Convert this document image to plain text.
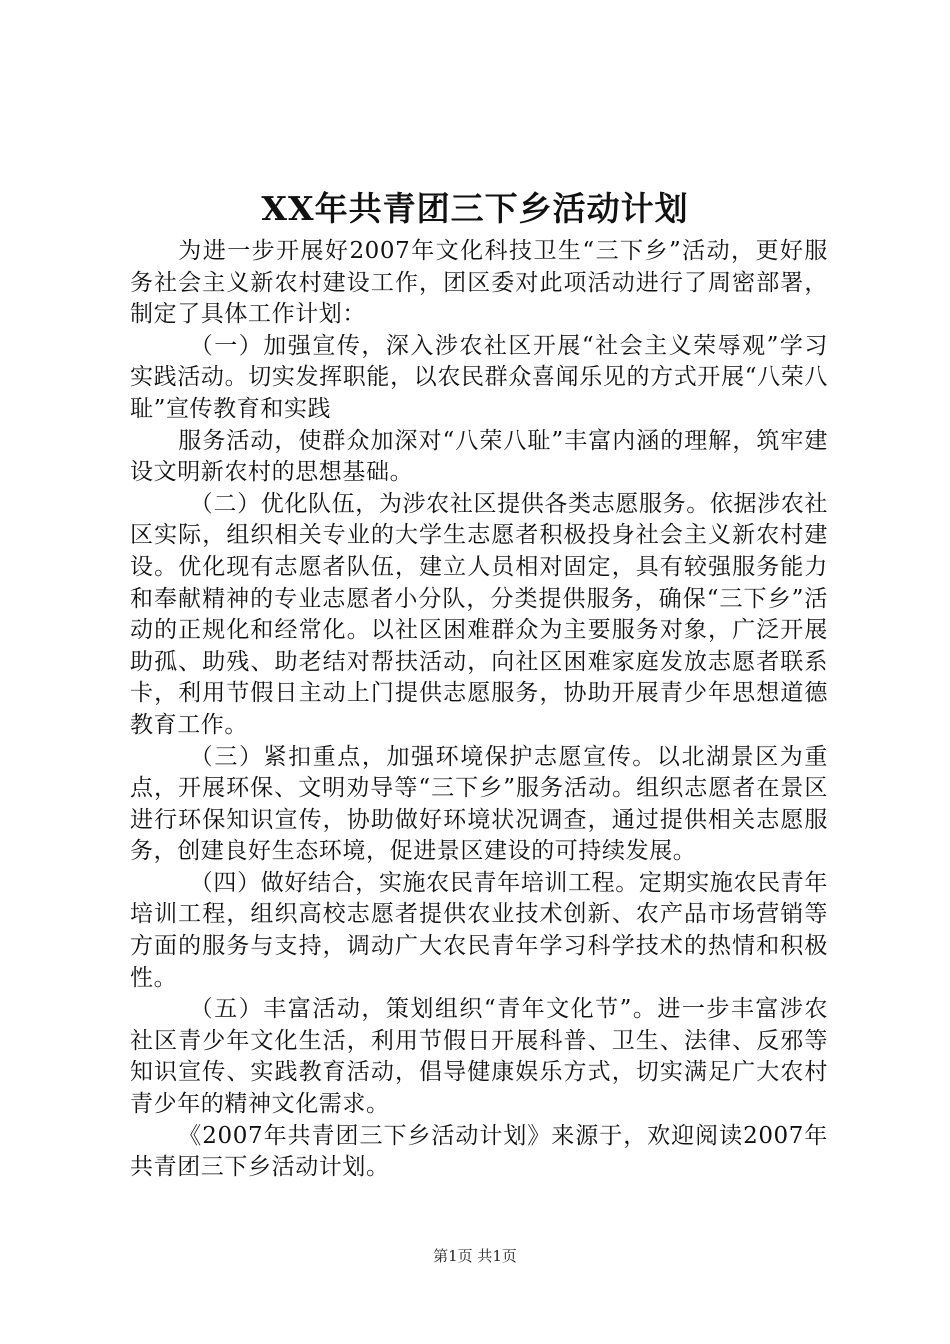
XX年共青团三下乡活动计划

为进一步开展好2007年文化科技卫生“三下乡”活动，更好服务社会主义新农村建设工作，团区委对此项活动进行了周密部署，制定了具体工作计划：

（一）加强宣传，深入涉农社区开展“社会主义荣辱观”学习实践活动。切实发挥职能，以农民群众喜闻乐见的方式开展“八荣八耻”宣传教育和实践

服务活动，使群众加深对“八荣八耻”丰富内涵的理解，筑牢建设文明新农村的思想基础。

（二）优化队伍，为涉农社区提供各类志愿服务。依据涉农社区实际，组织相关专业的大学生志愿者积极投身社会主义新农村建设。优化现有志愿者队伍，建立人员相对固定，具有较强服务能力和奉献精神的专业志愿者小分队，分类提供服务，确保“三下乡”活动的正规化和经常化。以社区困难群众为主要服务对象，广泛开展助孤、助残、助老结对帮扶活动，向社区困难家庭发放志愿者联系卡，利用节假日主动上门提供志愿服务，协助开展青少年思想道德教育工作。

（三）紧扣重点，加强环境保护志愿宣传。以北湖景区为重点，开展环保、文明劝导等“三下乡”服务活动。组织志愿者在景区进行环保知识宣传，协助做好环境状况调查，通过提供相关志愿服务，创建良好生态环境，促进景区建设的可持续发展。

（四）做好结合，实施农民青年培训工程。定期实施农民青年培训工程，组织高校志愿者提供农业技术创新、农产品市场营销等方面的服务与支持，调动广大农民青年学习科学技术的热情和积极性。

（五）丰富活动，策划组织“青年文化节”。进一步丰富涉农社区青少年文化生活，利用节假日开展科普、卫生、法律、反邪等知识宣传、实践教育活动，倡导健康娱乐方式，切实满足广大农村青少年的精神文化需求。

《2007年共青团三下乡活动计划》来源于，欢迎阅读2007年共青团三下乡活动计划。

第1页 共1页
